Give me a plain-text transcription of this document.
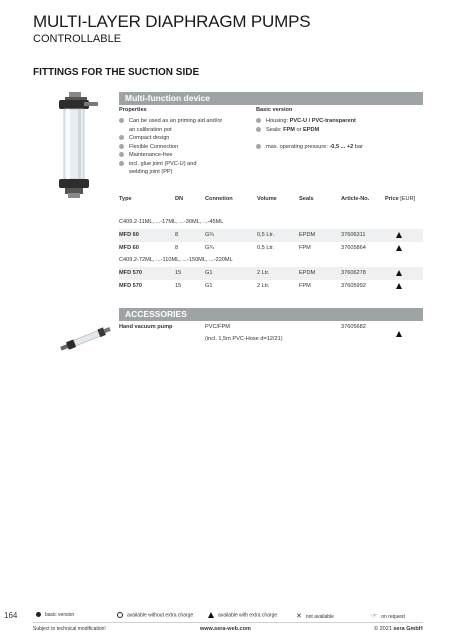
MULTI-LAYER DIAPHRAGM PUMPS
CONTROLLABLE
FITTINGS FOR THE SUCTION SIDE
Multi-function device
Properties
Can be used as an priming aid and/or
an calibration pot
Compact design
Flexible Connection
Maintenance-free
incl. glue joint (PVC-U) and
welding joint (PP)
Basic version
Housing: PVC-U / PVC-transparent
Seals: FPM or EPDM
max. operating pressure: -0,5 ... +2 bar
Type	DN	Connetion	Volume	Seals	Article-No.	Price [EUR]
C409.2-11ML, ...-17ML, ...-30ML, ...-45ML
MFD 60	8	G¾	0,5 Ltr.	EPDM	37606311
MFD 60	8	G¾	0,5 Ltr.	FPM	37605864
C409.2-72ML, ...-110ML, ...-150ML, ...-220ML
MFD 570	15	G1	2 Ltr.	EPDM	37606278
MFD 570	15	G1	2 Ltr.	FPM	37605992
ACCESSORIES
Hand vacuum pump	PVC/FPM	37605682
(incl. 1,5m PVC-Hose d=12/21)
164	basic version	available without extra charge	available with extra charge	✕ not available	☞ on request
Subject to technical modification!	www.sera-web.com	© 2021 sera GmbH
